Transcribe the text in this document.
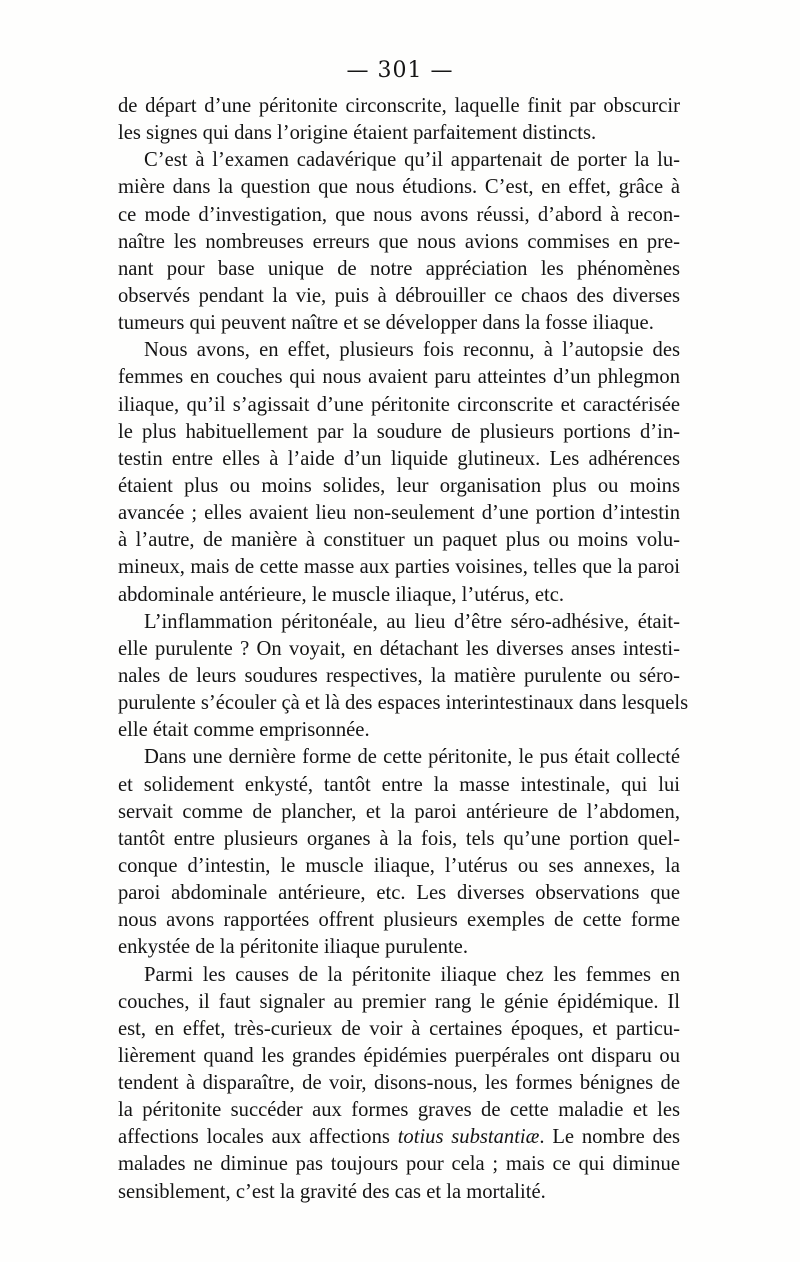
— 301 —
de départ d’une péritonite circonscrite, laquelle finit par obscurcir
les signes qui dans l’origine étaient parfaitement distincts.
C’est à l’examen cadavérique qu’il appartenait de porter la lu-
mière dans la question que nous étudions. C’est, en effet, grâce à
ce mode d’investigation, que nous avons réussi, d’abord à recon-
naître les nombreuses erreurs que nous avions commises en pre-
nant pour base unique de notre appréciation les phénomènes
observés pendant la vie, puis à débrouiller ce chaos des diverses
tumeurs qui peuvent naître et se développer dans la fosse iliaque.
Nous avons, en effet, plusieurs fois reconnu, à l’autopsie des
femmes en couches qui nous avaient paru atteintes d’un phlegmon
iliaque, qu’il s’agissait d’une péritonite circonscrite et caractérisée
le plus habituellement par la soudure de plusieurs portions d’in-
testin entre elles à l’aide d’un liquide glutineux. Les adhérences
étaient plus ou moins solides, leur organisation plus ou moins
avancée ; elles avaient lieu non-seulement d’une portion d’intestin
à l’autre, de manière à constituer un paquet plus ou moins volu-
mineux, mais de cette masse aux parties voisines, telles que la paroi
abdominale antérieure, le muscle iliaque, l’utérus, etc.
L’inflammation péritonéale, au lieu d’être séro-adhésive, était-
elle purulente ? On voyait, en détachant les diverses anses intesti-
nales de leurs soudures respectives, la matière purulente ou séro-
purulente s’écouler çà et là des espaces interintestinaux dans lesquels
elle était comme emprisonnée.
Dans une dernière forme de cette péritonite, le pus était collecté
et solidement enkysté, tantôt entre la masse intestinale, qui lui
servait comme de plancher, et la paroi antérieure de l’abdomen,
tantôt entre plusieurs organes à la fois, tels qu’une portion quel-
conque d’intestin, le muscle iliaque, l’utérus ou ses annexes, la
paroi abdominale antérieure, etc. Les diverses observations que
nous avons rapportées offrent plusieurs exemples de cette forme
enkystée de la péritonite iliaque purulente.
Parmi les causes de la péritonite iliaque chez les femmes en
couches, il faut signaler au premier rang le génie épidémique. Il
est, en effet, très-curieux de voir à certaines époques, et particu-
lièrement quand les grandes épidémies puerpérales ont disparu ou
tendent à disparaître, de voir, disons-nous, les formes bénignes de
la péritonite succéder aux formes graves de cette maladie et les
affections locales aux affections totius substantiæ. Le nombre des
malades ne diminue pas toujours pour cela ; mais ce qui diminue
sensiblement, c’est la gravité des cas et la mortalité.
